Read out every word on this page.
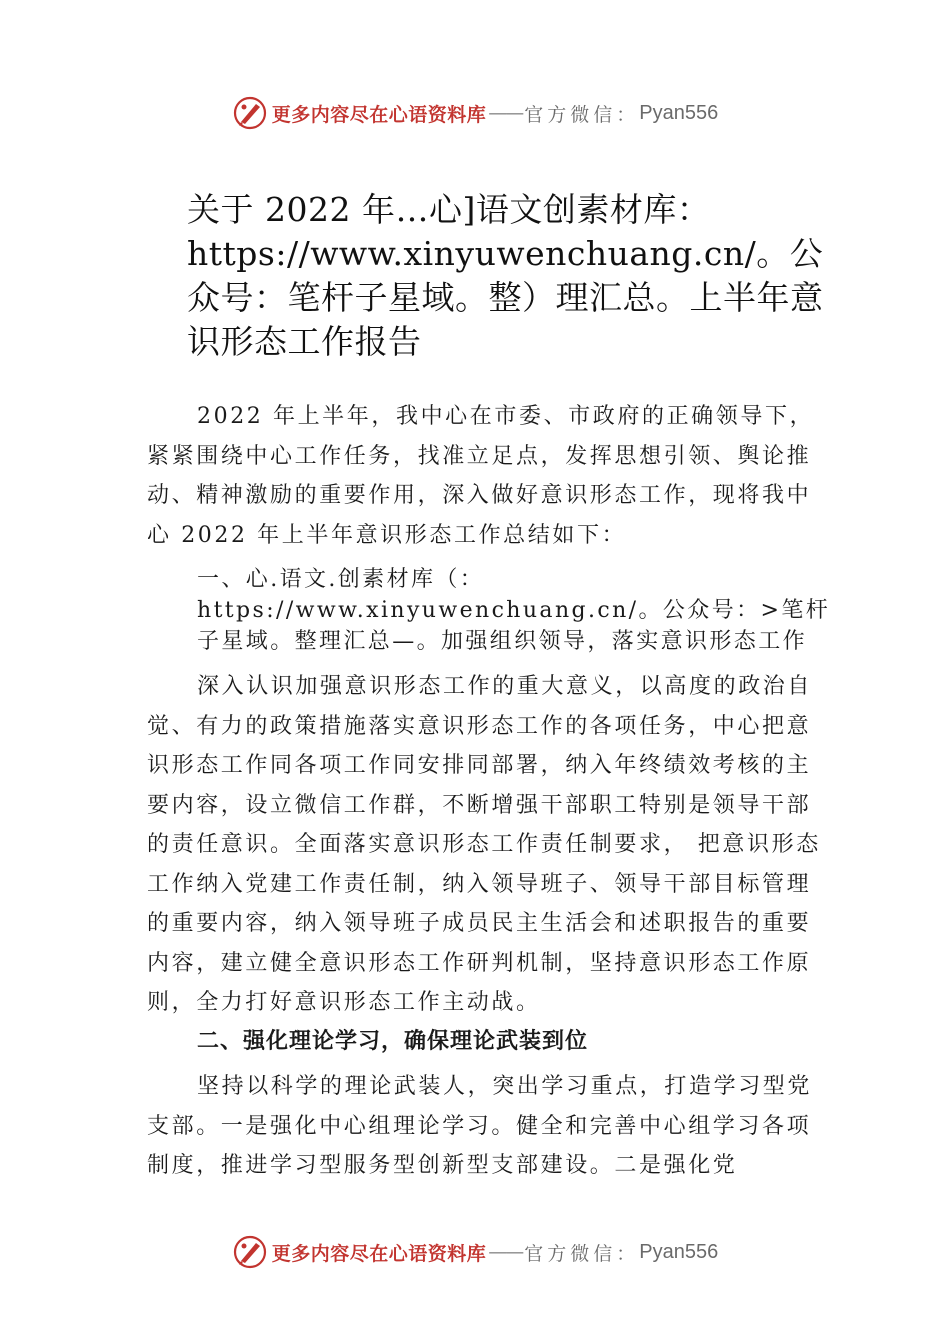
更多内容尽在心语资料库 —— 官方微信： Pyan556
关于 2022 年…心]语文创素材库：https://www.xinyuwenchuang.cn/。公众号：笔杆子星域。整）理汇总。上半年意识形态工作报告

2022 年上半年，我中心在市委、市政府的正确领导下，紧紧围绕中心工作任务，找准立足点，发挥思想引领、舆论推动、精神激励的重要作用，深入做好意识形态工作，现将我中心 2022 年上半年意识形态工作总结如下：

一、心.语文.创素材库（：https://www.xinyuwenchuang.cn/。公众号：>笔杆子星域。整理汇总—。加强组织领导，落实意识形态工作

深入认识加强意识形态工作的重大意义，以高度的政治自觉、有力的政策措施落实意识形态工作的各项任务，中心把意识形态工作同各项工作同安排同部署，纳入年终绩效考核的主要内容，设立微信工作群，不断增强干部职工特别是领导干部的责任意识。全面落实意识形态工作责任制要求， 把意识形态工作纳入党建工作责任制，纳入领导班子、领导干部目标管理的重要内容，纳入领导班子成员民主生活会和述职报告的重要内容，建立健全意识形态工作研判机制，坚持意识形态工作原则，全力打好意识形态工作主动战。

二、强化理论学习，确保理论武装到位

坚持以科学的理论武装人，突出学习重点，打造学习型党支部。一是强化中心组理论学习。健全和完善中心组学习各项制度，推进学习型服务型创新型支部建设。二是强化党

更多内容尽在心语资料库 —— 官方微信： Pyan556
